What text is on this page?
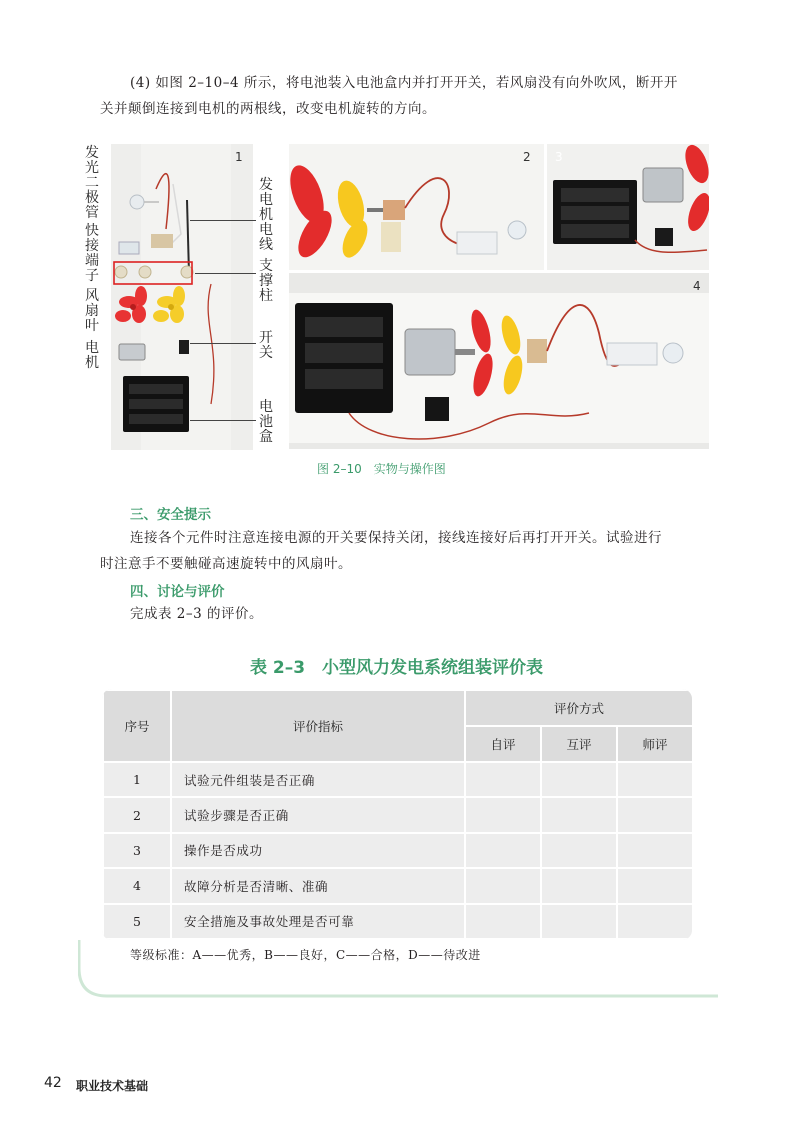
(4) 如图 2–10–4 所示，将电池装入电池盒内并打开开关，若风扇没有向外吹风，断开开
关并颠倒连接到电机的两根线，改变电机旋转的方向。
1
发光二极管
快接端子
风扇叶
电机
发电机电线
支撑柱
开关
电池盒
2 3
4
图 2–10　实物与操作图
三、安全提示
连接各个元件时注意连接电源的开关要保持关闭，接线连接好后再打开开关。试验进行
时注意手不要触碰高速旋转中的风扇叶。
四、讨论与评价
完成表 2–3 的评价。
表 2–3　小型风力发电系统组装评价表
序号	评价指标	评价方式		
		自评	互评	师评
1	试验元件组装是否正确			
2	试验步骤是否正确			
3	操作是否成功			
4	故障分析是否清晰、准确			
5	安全措施及事故处理是否可靠			
等级标准：A——优秀，B——良好，C——合格，D——待改进
42 职业技术基础
